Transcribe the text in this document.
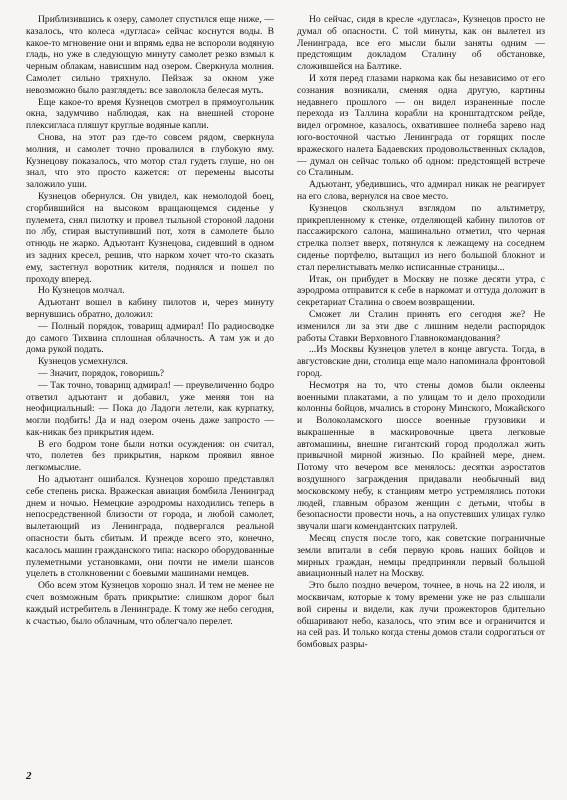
Приблизившись к озеру, самолет спустился еще ниже, — казалось, что колеса «дугласа» сейчас коснутся воды. В какое-то мгновение они и впрямь едва не вспороли водяную гладь, но уже в следующую минуту самолет резко взмыл к черным облакам, нависшим над озером. Сверкнула молния. Самолет сильно тряхнуло. Пейзаж за окном уже невозможно было разглядеть: все заволокла белесая муть.

Еще какое-то время Кузнецов смотрел в прямоугольник окна, задумчиво наблюдая, как на внешней стороне плексигласа пляшут круглые водяные капли.

Снова, на этот раз где-то совсем рядом, сверкнула молния, и самолет точно провалился в глубокую яму. Кузнецову показалось, что мотор стал гудеть глуше, но он знал, что это просто кажется: от перемены высоты заложило уши.

Кузнецов обернулся. Он увидел, как немолодой боец, сгорбившийся на высоком вращающемся сиденье у пулемета, снял пилотку и провел тыльной стороной ладони по лбу, стирая выступивший пот, хотя в самолете было отнюдь не жарко. Адъютант Кузнецова, сидевший в одном из задних кресел, решив, что нарком хочет что-то сказать ему, застегнул воротник кителя, поднялся и пошел по проходу вперед.

Но Кузнецов молчал.

Адъютант вошел в кабину пилотов и, через минуту вернувшись обратно, доложил:

— Полный порядок, товарищ адмирал! По радиосводке до самого Тихвина сплошная облачность. А там уж и до дома рукой подать.

Кузнецов усмехнулся.

— Значит, порядок, говоришь?

— Так точно, товарищ адмирал! — преувеличенно бодро ответил адъютант и добавил, уже меняя тон на неофициальный: — Пока до Ладоги летели, как курпатку, могли подбить! Да и над озером очень даже запросто — как-никак без прикрытия идем.

В его бодром тоне были нотки осуждения: он считал, что, полетев без прикрытия, нарком проявил явное легкомыслие.

Но адъютант ошибался. Кузнецов хорошо представлял себе степень риска. Вражеская авиация бомбила Ленинград днем и ночью. Немецкие аэродромы находились теперь в непосредственной близости от города, и любой самолет, вылетающий из Ленинграда, подвергался реальной опасности быть сбитым. И прежде всего это, конечно, касалось машин гражданского типа: наскоро оборудованные пулеметными установками, они почти не имели шансов уцелеть в столкновении с боевыми машинами немцев.

Обо всем этом Кузнецов хорошо знал. И тем не менее не счел возможным брать прикрытие: слишком дорог был каждый истребитель в Ленинграде. К тому же небо сегодня, к счастью, было облачным, что облегчало перелет.

Но сейчас, сидя в кресле «дугласа», Кузнецов просто не думал об опасности. С той минуты, как он вылетел из Ленинграда, все его мысли были заняты одним — предстоящим докладом Сталину об обстановке, сложившейся на Балтике.

И хотя перед глазами наркома как бы независимо от его сознания возникали, сменяя одна другую, картины недавнего прошлого — он видел израненные после перехода из Таллина корабли на кронштадтском рейде, видел огромное, казалось, охватившее полнеба зарево над юго-восточной частью Ленинграда от горящих после вражеского налета Бадаевских продовольственных складов, — думал он сейчас только об одном: предстоящей встрече со Сталиным.

Адъютант, убедившись, что адмирал никак не реагирует на его слова, вернулся на свое место.

Кузнецов скользнул взглядом по альтиметру, прикрепленному к стенке, отделяющей кабину пилотов от пассажирского салона, машинально отметил, что черная стрелка ползет вверх, потянулся к лежащему на соседнем сиденье портфелю, вытащил из него большой блокнот и стал перелистывать мелко исписанные страницы...

Итак, он прибудет в Москву не позже десяти утра, с аэродрома отправится к себе в наркомат и оттуда доложит в секретариат Сталина о своем возвращении.

Сможет ли Сталин принять его сегодня же? Не изменился ли за эти две с лишним недели распорядок работы Ставки Верховного Главнокомандования?

...Из Москвы Кузнецов улетел в конце августа. Тогда, в августовские дни, столица еще мало напоминала фронтовой город.

Несмотря на то, что стены домов были оклеены военными плакатами, а по улицам то и дело проходили колонны бойцов, мчались в сторону Минского, Можайского и Волоколамского шоссе военные грузовики и выкрашенные в маскировочные цвета легковые автомашины, внешне гигантский город продолжал жить привычной мирной жизнью. По крайней мере, днем. Потому что вечером все менялось: десятки аэростатов воздушного заграждения придавали необычный вид московскому небу, к станциям метро устремлялись потоки людей, главным образом женщин с детьми, чтобы в безопасности провести ночь, а на опустевших улицах гулко звучали шаги комендантских патрулей.

Месяц спустя после того, как советские пограничные земли впитали в себя первую кровь наших бойцов и мирных граждан, немцы предприняли первый большой авиационный налет на Москву.

Это было поздно вечером, точнее, в ночь на 22 июля, и москвичам, которые к тому времени уже не раз слышали вой сирены и видели, как лучи прожекторов бдительно обшаривают небо, казалось, что этим все и ограничится и на сей раз. И только когда стены домов стали содрогаться от бомбовых разры-

2
